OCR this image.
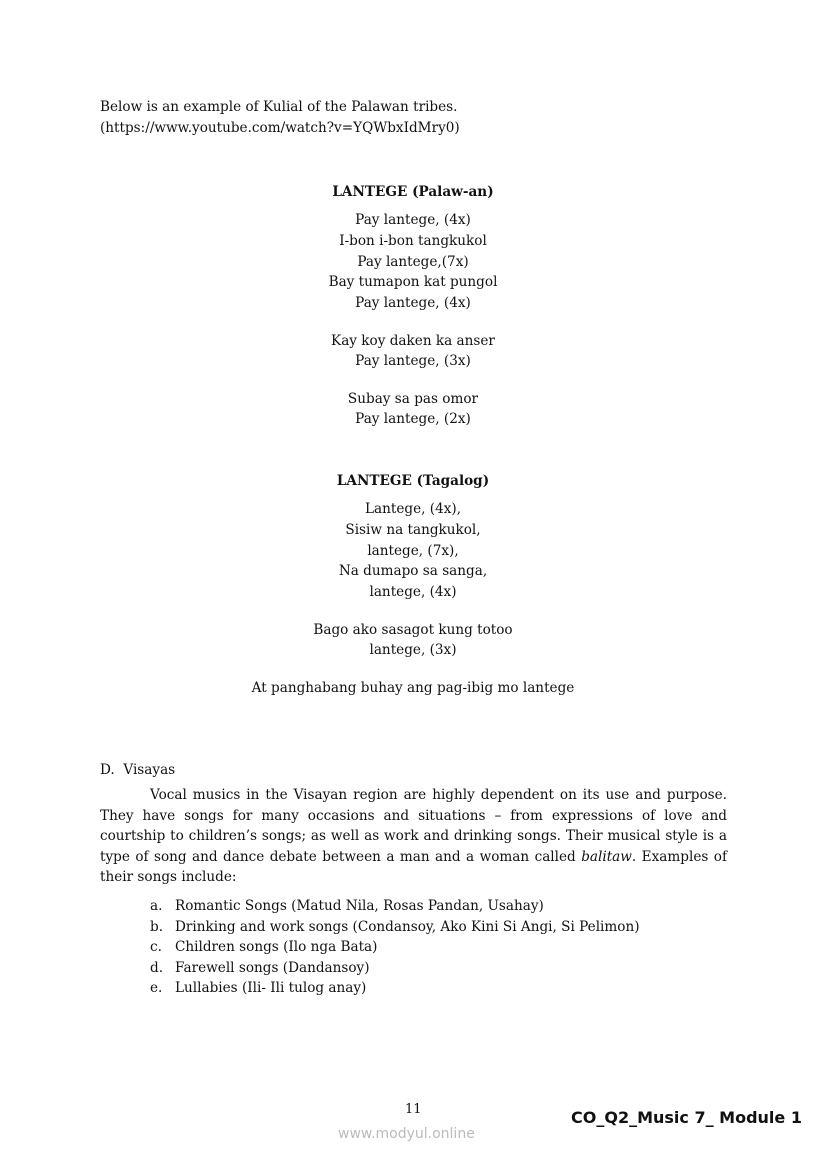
Below is an example of Kulial of the Palawan tribes.
(https://www.youtube.com/watch?v=YQWbxIdMry0)
LANTEGE (Palaw-an)
Pay lantege, (4x)
I-bon i-bon tangkukol
Pay lantege,(7x)
Bay tumapon kat pungol
Pay lantege, (4x)
Kay koy daken ka anser
Pay lantege, (3x)
Subay sa pas omor
Pay lantege, (2x)
LANTEGE (Tagalog)
Lantege, (4x),
Sisiw na tangkukol,
lantege, (7x),
Na dumapo sa sanga,
lantege, (4x)
Bago ako sasagot kung totoo
lantege, (3x)
At panghabang buhay ang pag-ibig mo lantege
D.  Visayas
Vocal musics in the Visayan region are highly dependent on its use and purpose. They have songs for many occasions and situations – from expressions of love and courtship to children’s songs; as well as work and drinking songs. Their musical style is a type of song and dance debate between a man and a woman called balitaw. Examples of their songs include:
a. Romantic Songs (Matud Nila, Rosas Pandan, Usahay)
b. Drinking and work songs (Condansoy, Ako Kini Si Angi, Si Pelimon)
c. Children songs (Ilo nga Bata)
d. Farewell songs (Dandansoy)
e. Lullabies (Ili- Ili tulog anay)
11	CO_Q2_Music 7_ Module 1
www.modyul.online
